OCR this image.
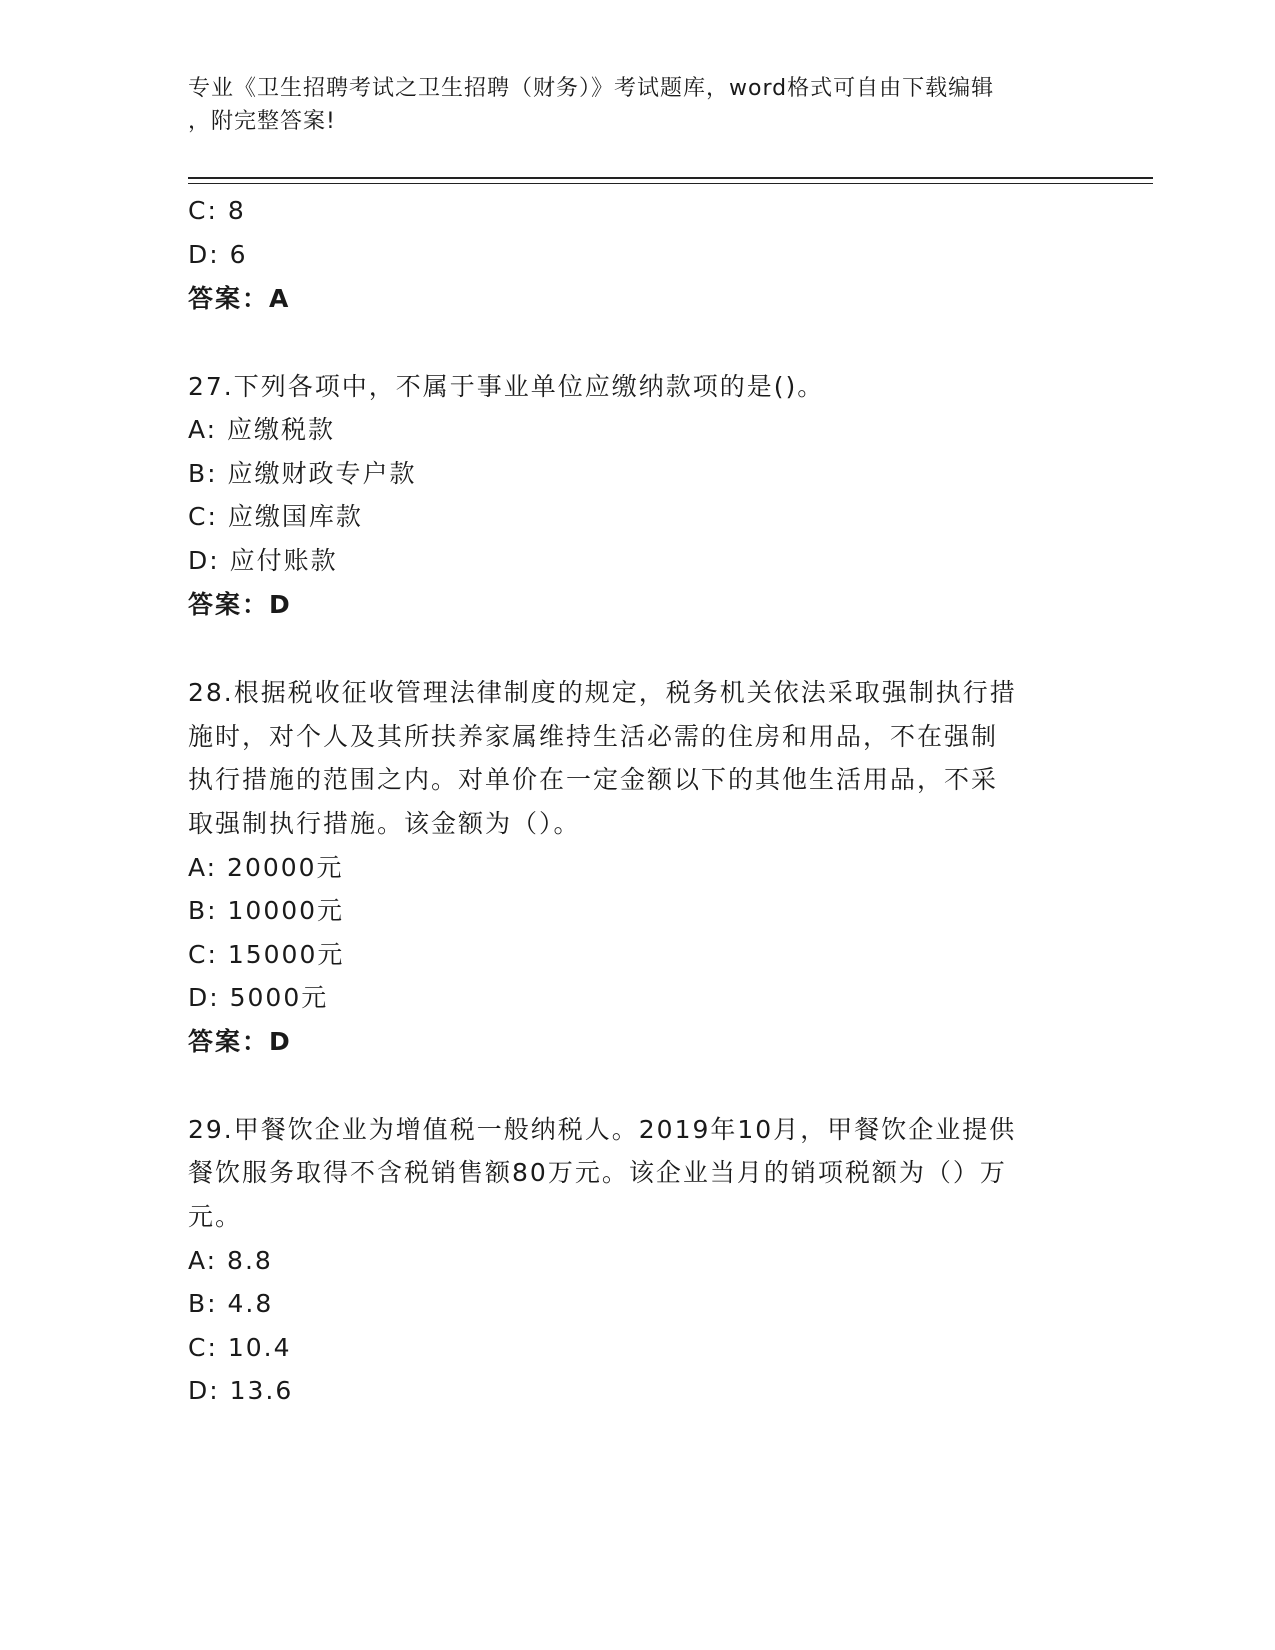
专业《卫生招聘考试之卫生招聘（财务）》考试题库，word格式可自由下载编辑
，附完整答案!
C: 8
D: 6
答案：A
27.下列各项中，不属于事业单位应缴纳款项的是()。
A: 应缴税款
B: 应缴财政专户款
C: 应缴国库款
D: 应付账款
答案：D
28.根据税收征收管理法律制度的规定，税务机关依法采取强制执行措
施时，对个人及其所扶养家属维持生活必需的住房和用品，不在强制
执行措施的范围之内。对单价在一定金额以下的其他生活用品，不采
取强制执行措施。该金额为（）。
A: 20000元
B: 10000元
C: 15000元
D: 5000元
答案：D
29.甲餐饮企业为增值税一般纳税人。2019年10月，甲餐饮企业提供
餐饮服务取得不含税销售额80万元。该企业当月的销项税额为（）万
元。
A: 8.8
B: 4.8
C: 10.4
D: 13.6
